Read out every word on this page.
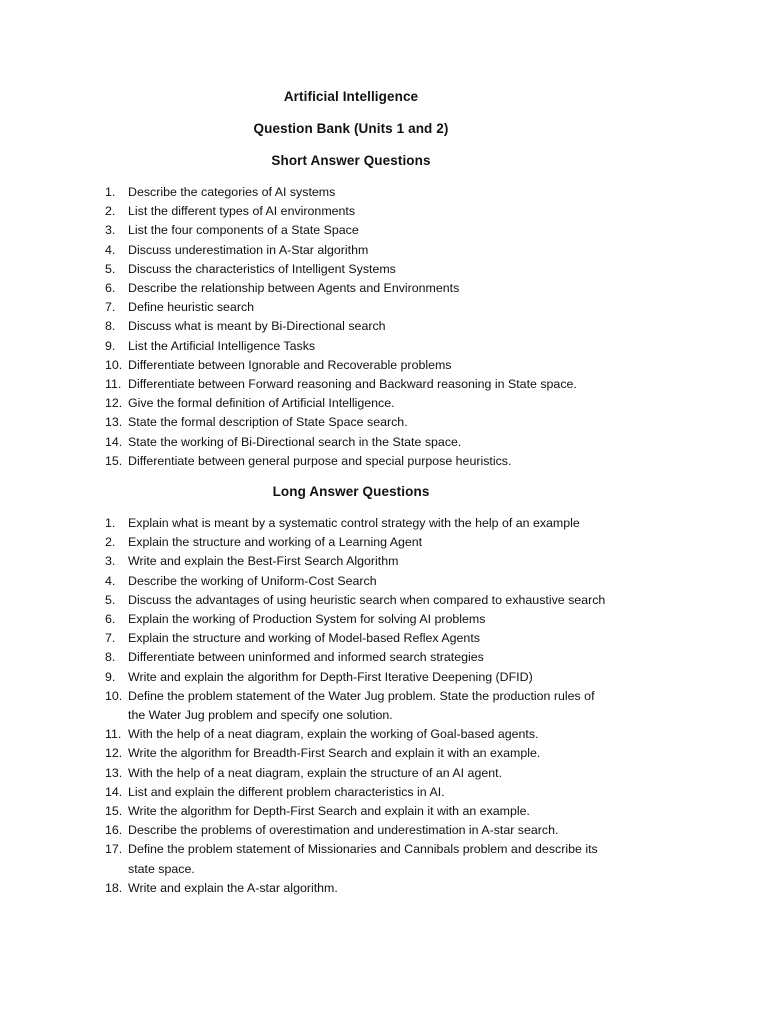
Artificial Intelligence
Question Bank (Units 1 and 2)
Short Answer Questions
1.	Describe the categories of AI systems
2.	List the different types of AI environments
3.	List the four components of a State Space
4.	Discuss underestimation in A-Star algorithm
5.	Discuss the characteristics of Intelligent Systems
6.	Describe the relationship between Agents and Environments
7.	Define heuristic search
8.	Discuss what is meant by Bi-Directional search
9.	List the Artificial Intelligence Tasks
10. Differentiate between Ignorable and Recoverable problems
11. Differentiate between Forward reasoning and Backward reasoning in State space.
12. Give the formal definition of Artificial Intelligence.
13. State the formal description of State Space search.
14. State the working of Bi-Directional search in the State space.
15. Differentiate between general purpose and special purpose heuristics.
Long Answer Questions
1.	Explain what is meant by a systematic control strategy with the help of an example
2.	Explain the structure and working of a Learning Agent
3.	Write and explain the Best-First Search Algorithm
4.	Describe the working of Uniform-Cost Search
5.	Discuss the advantages of using heuristic search when compared to exhaustive search
6.	Explain the working of Production System for solving AI problems
7.	Explain the structure and working of Model-based Reflex Agents
8.	Differentiate between uninformed and informed search strategies
9.	Write and explain the algorithm for Depth-First Iterative Deepening (DFID)
10. Define the problem statement of the Water Jug problem. State the production rules of the Water Jug problem and specify one solution.
11. With the help of a neat diagram, explain the working of Goal-based agents.
12. Write the algorithm for Breadth-First Search and explain it with an example.
13. With the help of a neat diagram, explain the structure of an AI agent.
14. List and explain the different problem characteristics in AI.
15. Write the algorithm for Depth-First Search and explain it with an example.
16. Describe the problems of overestimation and underestimation in A-star search.
17. Define the problem statement of Missionaries and Cannibals problem and describe its state space.
18. Write and explain the A-star algorithm.
